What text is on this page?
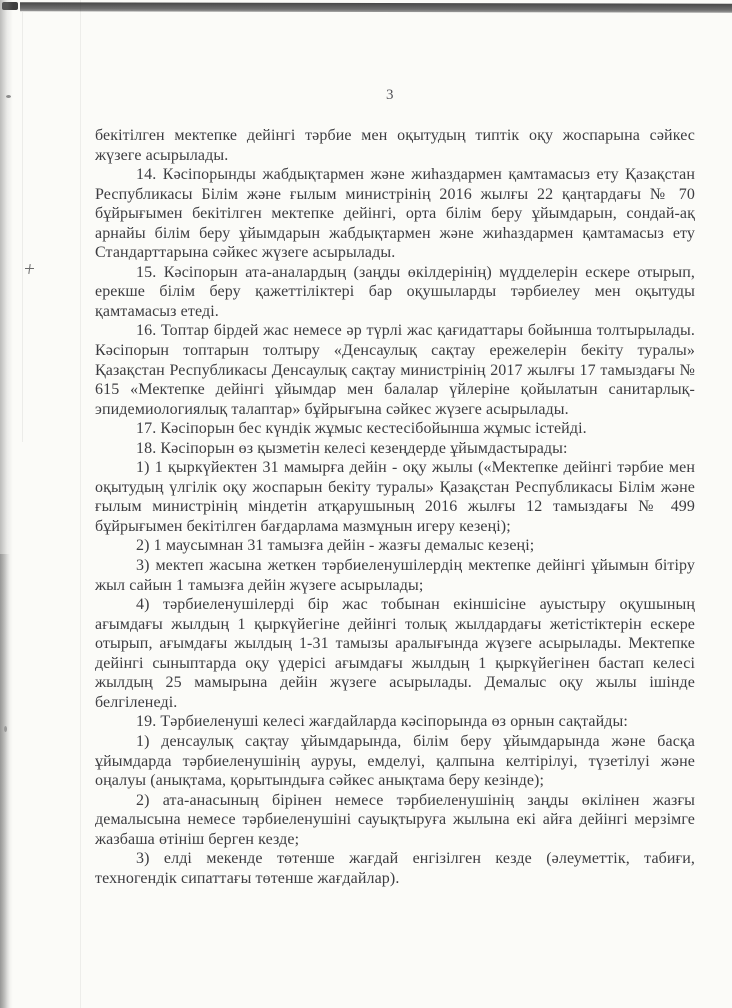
3

бекітілген мектепке дейінгі тәрбие мен оқытудың типтік оқу жоспарына сәйкес жүзеге асырылады.

14. Кәсіпорынды жабдықтармен және жиһаздармен қамтамасыз ету Қазақстан Республикасы Білім және ғылым министрінің 2016 жылғы 22 қаңтардағы № 70 бұйрығымен бекітілген мектепке дейінгі, орта білім беру ұйымдарын, сондай-ақ арнайы білім беру ұйымдарын жабдықтармен және жиһаздармен қамтамасыз ету Стандарттарына сәйкес жүзеге асырылады.

15. Кәсіпорын ата-аналардың (заңды өкілдерінің) мүдделерін ескере отырып, ерекше білім беру қажеттіліктері бар оқушыларды тәрбиелеу мен оқытуды қамтамасыз етеді.

16. Топтар бірдей жас немесе әр түрлі жас қағидаттары бойынша толтырылады. Кәсіпорын топтарын толтыру «Денсаулық сақтау ережелерін бекіту туралы» Қазақстан Республикасы Денсаулық сақтау министрінің 2017 жылғы 17 тамыздағы № 615 «Мектепке дейінгі ұйымдар мен балалар үйлеріне қойылатын санитарлық-эпидемиологиялық талаптар» бұйрығына сәйкес жүзеге асырылады.

17. Кәсіпорын бес күндік жұмыс кестесібойынша жұмыс істейді.

18. Кәсіпорын өз қызметін келесі кезеңдерде ұйымдастырады:

1) 1 қыркүйектен 31 мамырға дейін - оқу жылы («Мектепке дейінгі тәрбие мен оқытудың үлгілік оқу жоспарын бекіту туралы» Қазақстан Республикасы Білім және ғылым министрінің міндетін атқарушының 2016 жылғы 12 тамыздағы № 499 бұйрығымен бекітілген бағдарлама мазмұнын игеру кезеңі);

2) 1 маусымнан 31 тамызға дейін - жазғы демалыс кезеңі;

3) мектеп жасына жеткен тәрбиеленушілердің мектепке дейінгі ұйымын бітіру жыл сайын 1 тамызға дейін жүзеге асырылады;

4) тәрбиеленушілерді бір жас тобынан екіншісіне ауыстыру оқушының ағымдағы жылдың 1 қыркүйегіне дейінгі толық жылдардағы жетістіктерін ескере отырып, ағымдағы жылдың 1-31 тамызы аралығында жүзеге асырылады. Мектепке дейінгі сыныптарда оқу үдерісі ағымдағы жылдың 1 қыркүйегінен бастап келесі жылдың 25 мамырына дейін жүзеге асырылады. Демалыс оқу жылы ішінде белгіленеді.

19. Тәрбиеленуші келесі жағдайларда кәсіпорында өз орнын сақтайды:

1) денсаулық сақтау ұйымдарында, білім беру ұйымдарында және басқа ұйымдарда тәрбиеленушінің ауруы, емделуі, қалпына келтірілуі, түзетілуі және оңалуы (анықтама, қорытындыға сәйкес анықтама беру кезінде);

2) ата-анасының бірінен немесе тәрбиеленушінің заңды өкілінен жазғы демалысына немесе тәрбиеленушіні сауықтыруға жылына екі айға дейінгі мерзімге жазбаша өтініш берген кезде;

3) елді мекенде төтенше жағдай енгізілген кезде (әлеуметтік, табиғи, техногендік сипаттағы төтенше жағдайлар).
